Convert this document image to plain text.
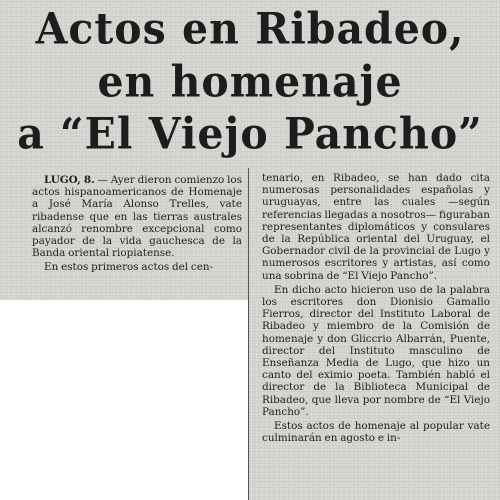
Actos en Ribadeo,
en homenaje
a “El Viejo Pancho”

LUGO, 8. — Ayer dieron comienzo los actos hispanoamericanos de Homenaje a José María Alonso Trelles, vate ribadense que en las tierras australes alcanzó renombre excepcional como payador de la vida gauchesca de la Banda oriental riopiatense.

En estos primeros actos del cen-

tenario, en Ribadeo, se han dado cita numerosas personalidades españolas y uruguayas, entre las cuales —según referencias llegadas a nosotros— figuraban representantes diplomáticos y consulares de la República oriental del Uruguay, el Gobernador civil de la provincial de Lugo y numerosos escritores y artistas, así como una sobrina de “El Viejo Pancho”.

En dicho acto hicieron uso de la palabra los escritores don Dionisio Gamallo Fierros, director del Instituto Laboral de Ribadeo y miembro de la Comisión de homenaje y don Gliccrio Albarrán, Puente, director del Instituto masculino de Enseñanza Media de Lugo, que hizo un canto del eximio poeta. También habló el director de la Biblioteca Municipal de Ribadeo, que lleva por nombre de “El Viejo Pancho”.

Estos actos de homenaje al popular vate culminarán en agosto e in-
